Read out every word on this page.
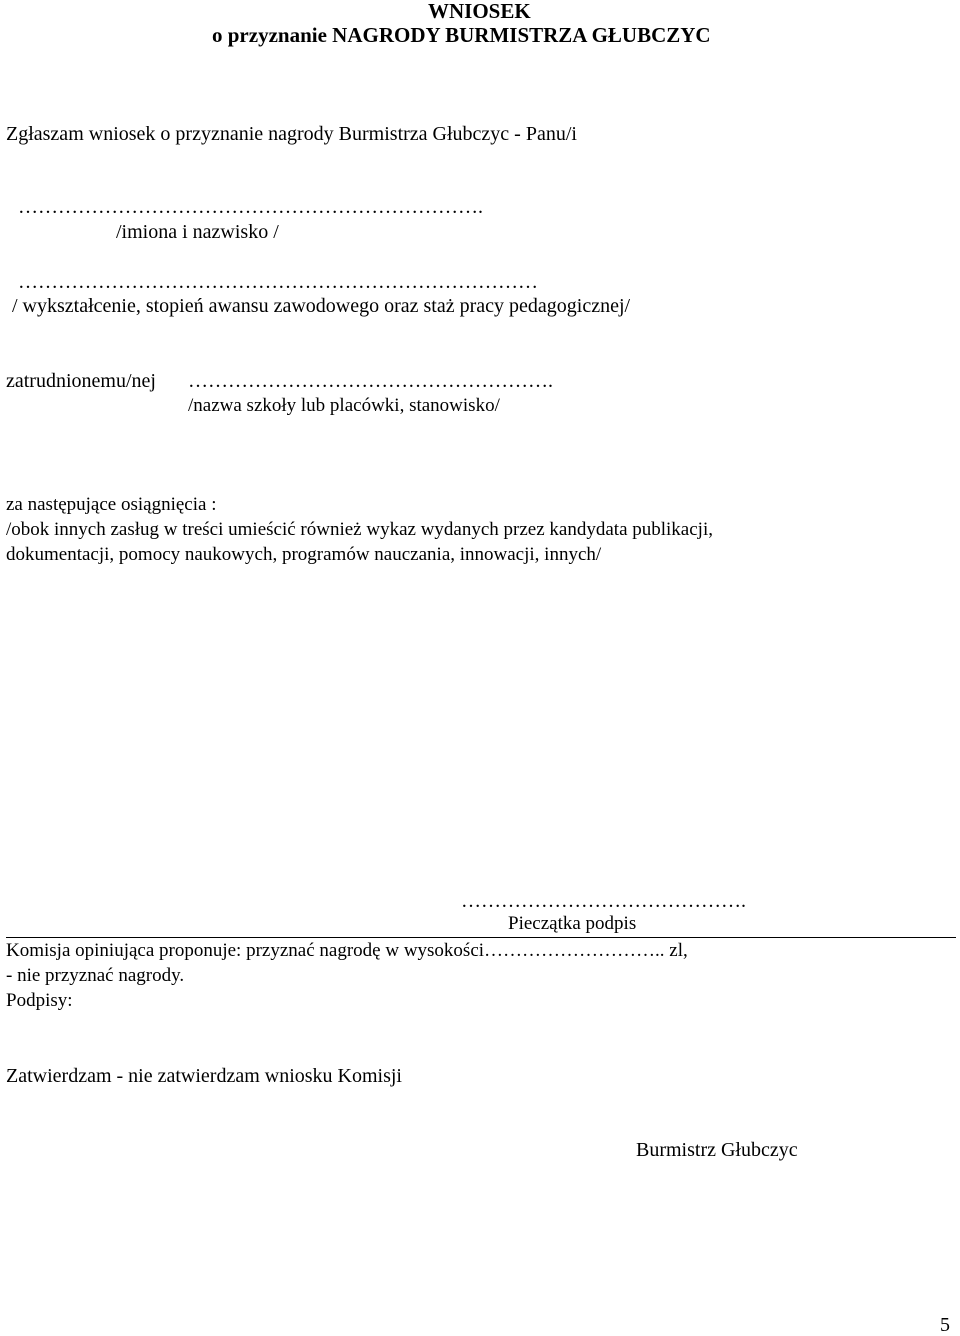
WNIOSEK
o przyznanie NAGRODY BURMISTRZA GŁUBCZYC
Zgłaszam wniosek o przyznanie nagrody Burmistrza Głubczyc - Panu/i
…………………………………………………………….
/imiona i nazwisko /
……………………………………………………………………
/ wykształcenie, stopień awansu zawodowego oraz staż pracy pedagogicznej/
zatrudnionemu/nej ……………………………………………….
/nazwa szkoły lub placówki, stanowisko/
za następujące osiągnięcia :
/obok innych zasług w treści umieścić również wykaz wydanych przez kandydata publikacji,
dokumentacji, pomocy naukowych, programów nauczania, innowacji, innych/
…………………………………….
Pieczątka podpis
Komisja opiniująca proponuje: przyznać nagrodę w wysokości……………………….. zl,
- nie przyznać nagrody.
Podpisy:
Zatwierdzam - nie zatwierdzam wniosku Komisji
Burmistrz Głubczyc
5
